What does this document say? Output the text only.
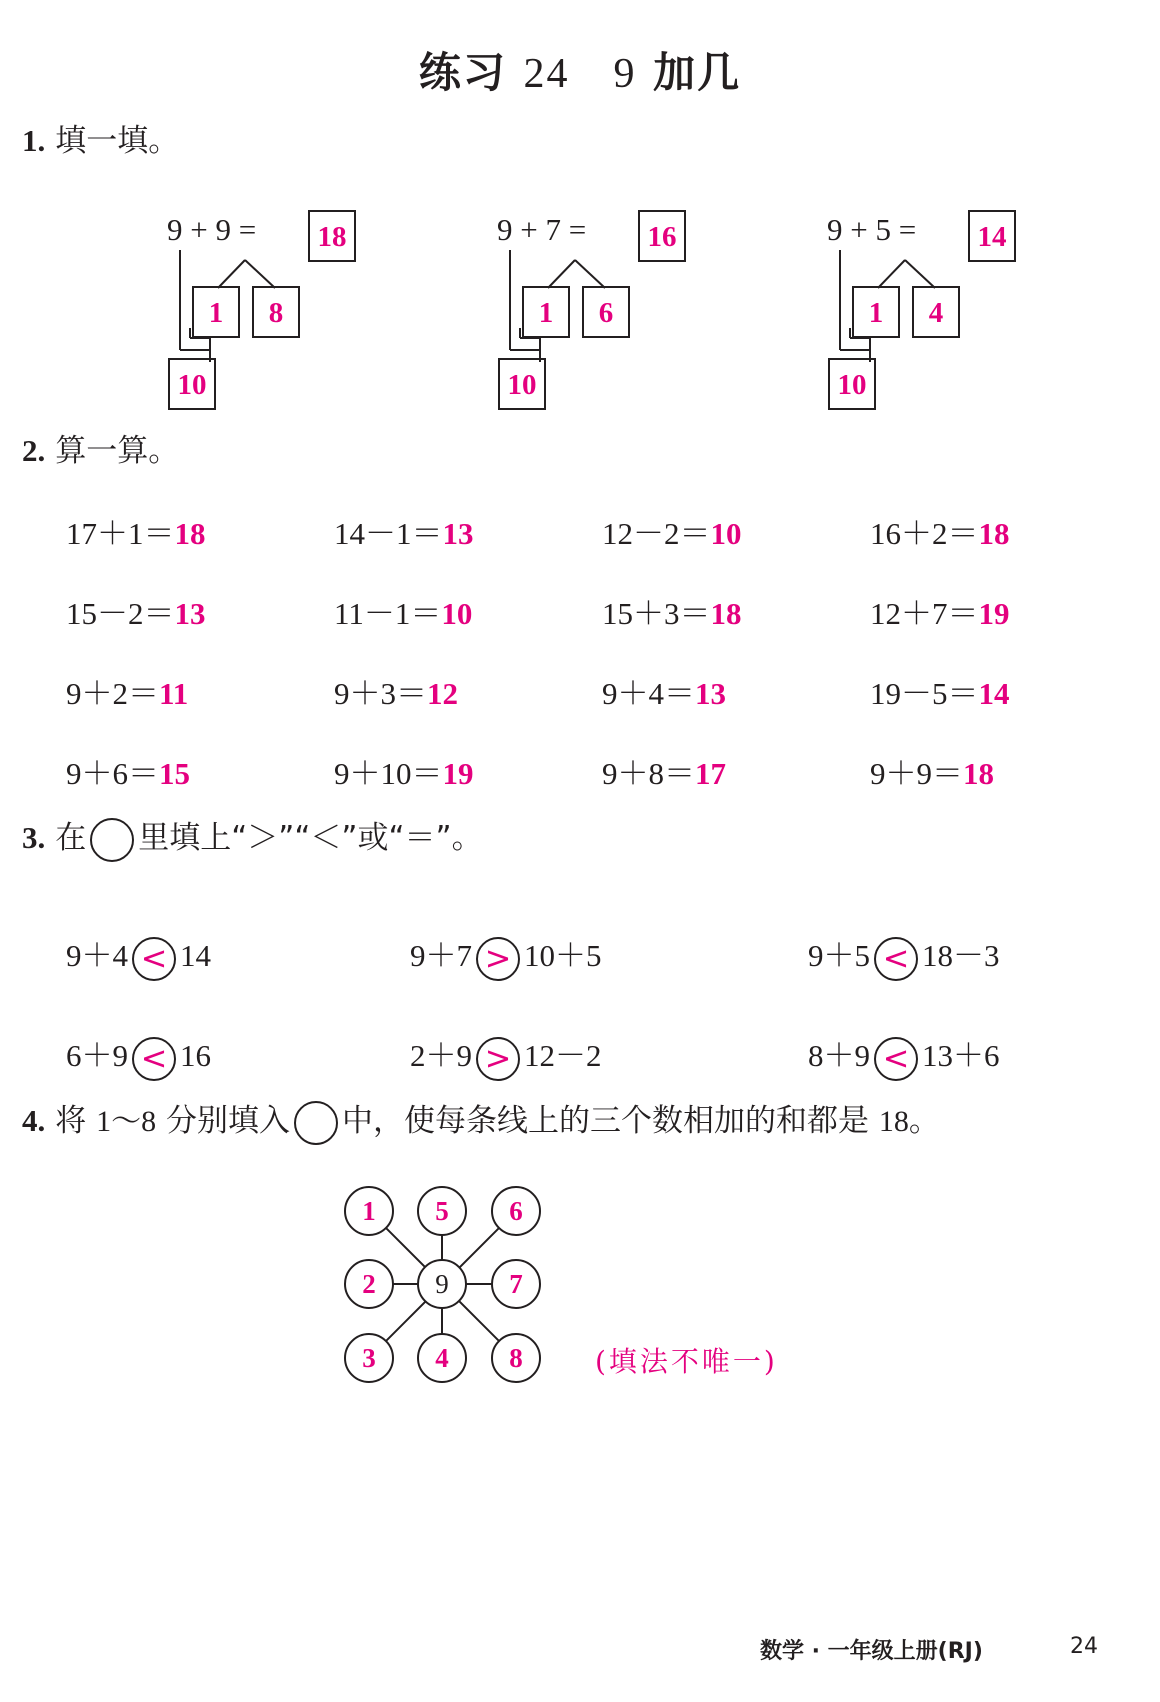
练习 24　9 加几
1. 填一填。
9 + 9 =	18
1	8
10
9 + 7 =	16
1	6
10
9 + 5 =	14
1	4
10
2. 算一算。
17＋1＝18	14－1＝13	12－2＝10	16＋2＝18
15－2＝13	11－1＝10	15＋3＝18	12＋7＝19
9＋2＝11	9＋3＝12	9＋4＝13	19－5＝14
9＋6＝15	9＋10＝19	9＋8＝17	9＋9＝18
3. 在 里填上“＞”“＜”或“＝”。
9＋4 < 14	9＋7 > 10＋5	9＋5 < 18－3
6＋9 < 16	2＋9 > 12－2	8＋9 < 13＋6
4. 将 1～8 分别填入 中，使每条线上的三个数相加的和都是 18。
1	5	6
2	9	7
3	4	8	(填法不唯一)
数学 · 一年级上册(RJ)	24
